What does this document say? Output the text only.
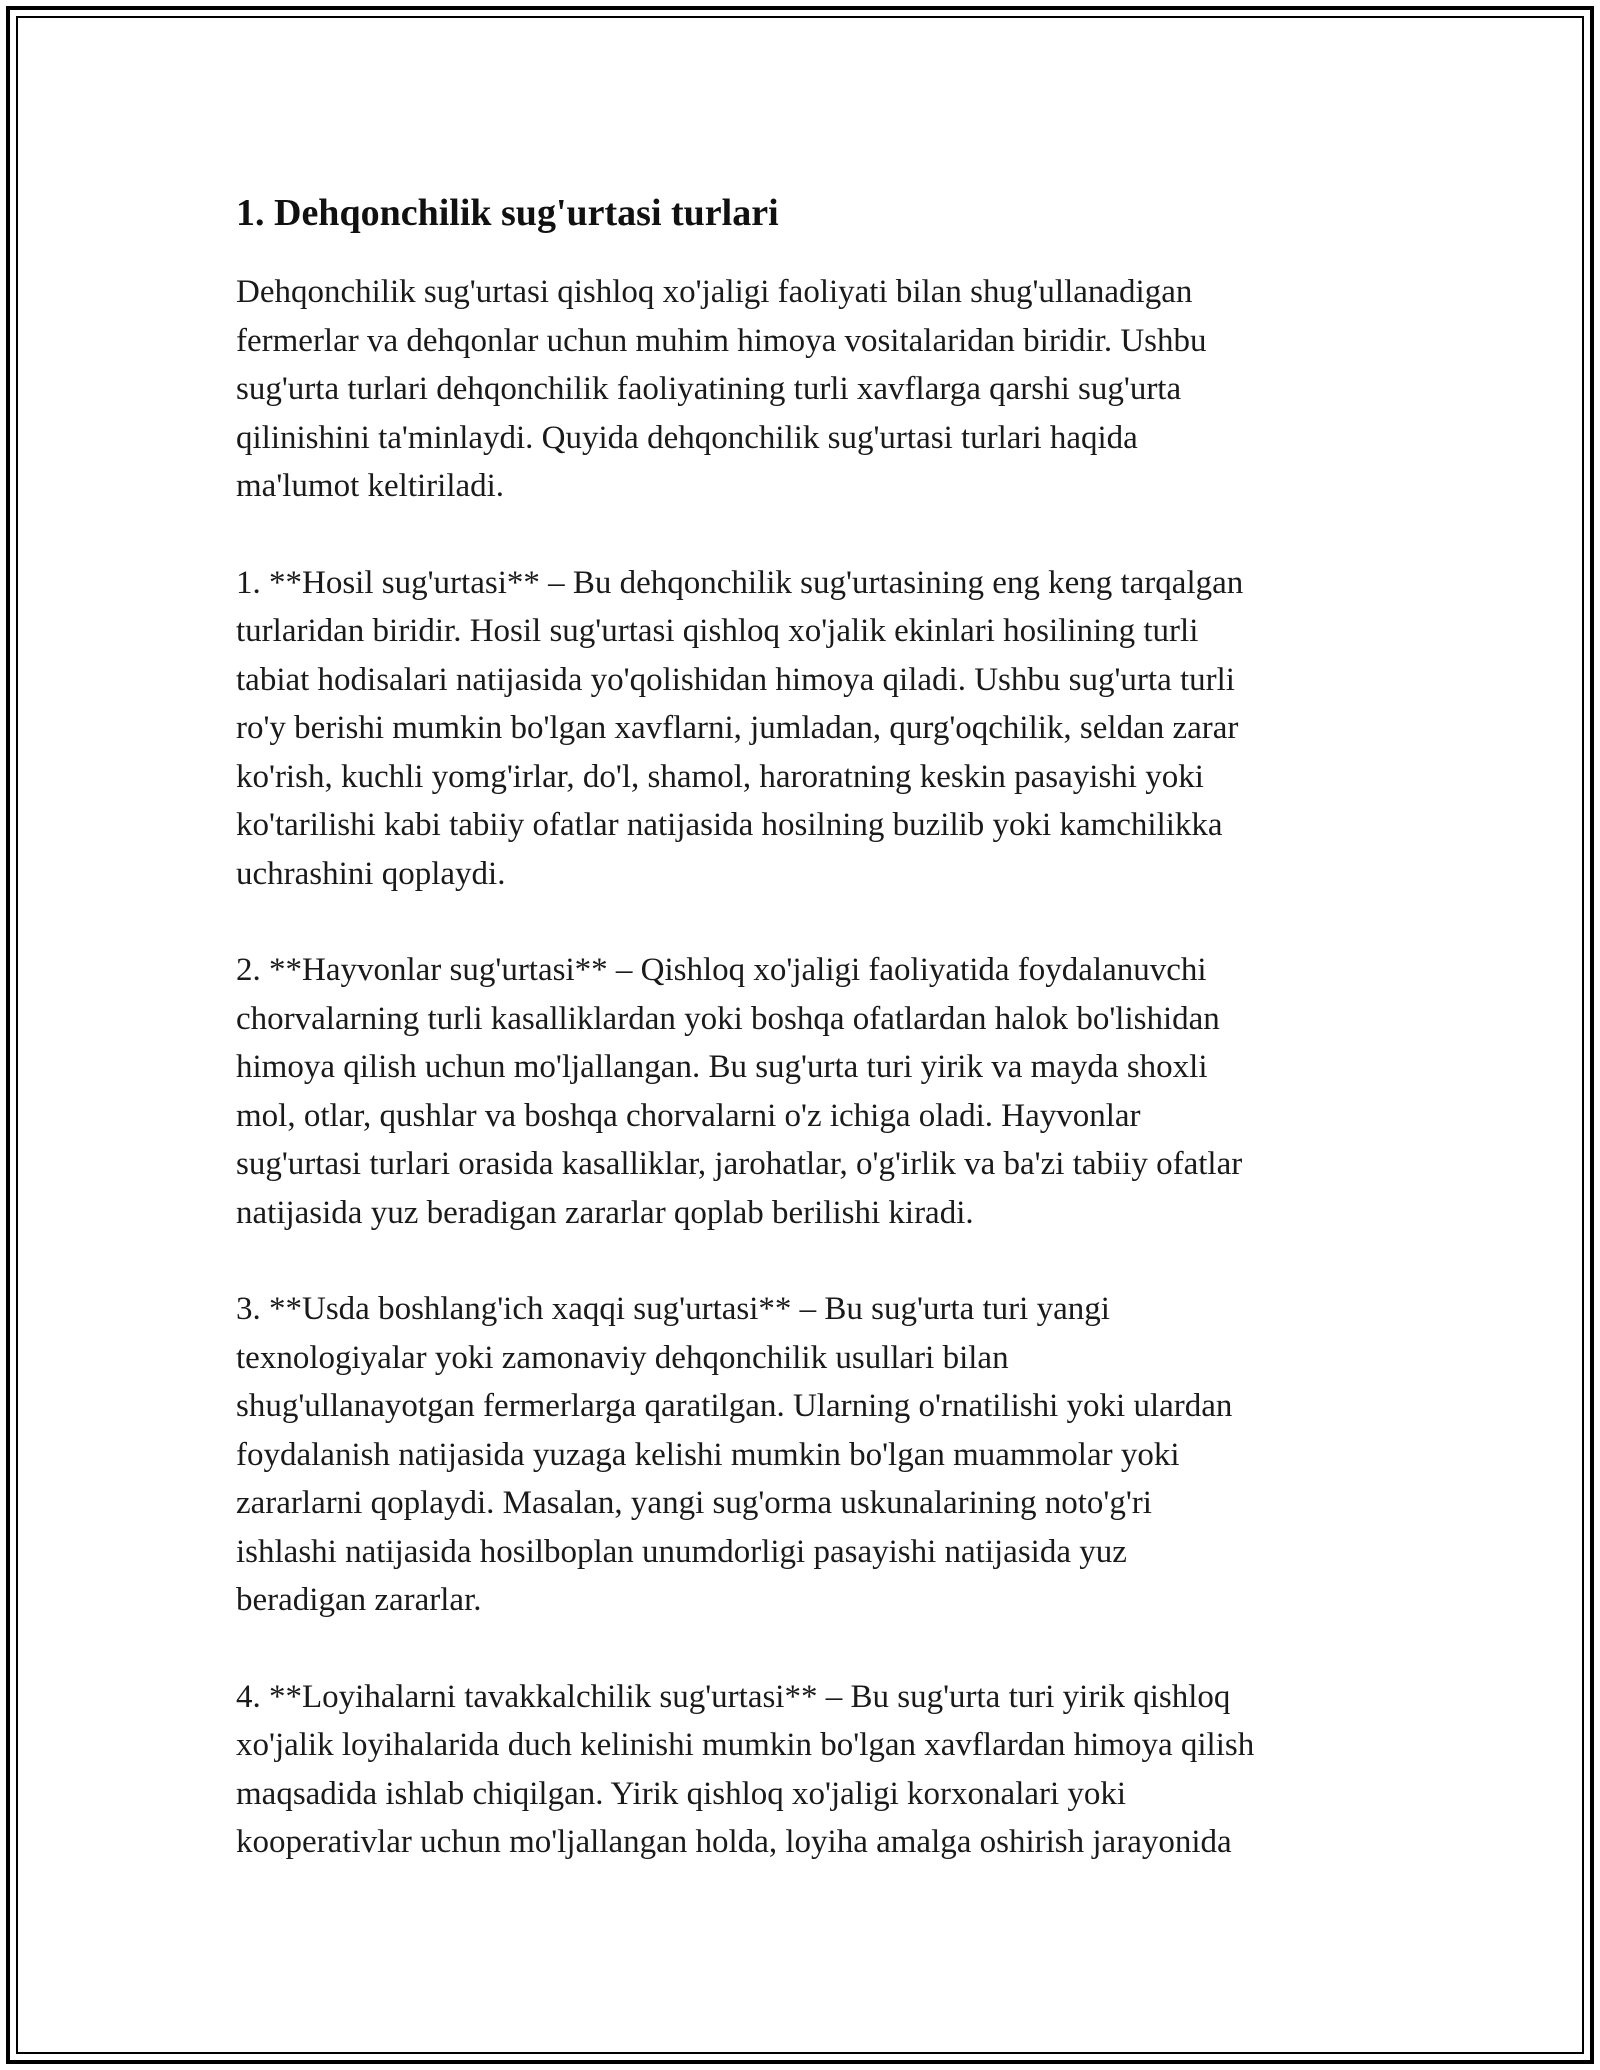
1. Dehqonchilik sug'urtasi turlari

Dehqonchilik sug'urtasi qishloq xo'jaligi faoliyati bilan shug'ullanadigan
fermerlar va dehqonlar uchun muhim himoya vositalaridan biridir. Ushbu
sug'urta turlari dehqonchilik faoliyatining turli xavflarga qarshi sug'urta
qilinishini ta'minlaydi. Quyida dehqonchilik sug'urtasi turlari haqida
ma'lumot keltiriladi.

1. **Hosil sug'urtasi** – Bu dehqonchilik sug'urtasining eng keng tarqalgan
turlaridan biridir. Hosil sug'urtasi qishloq xo'jalik ekinlari hosilining turli
tabiat hodisalari natijasida yo'qolishidan himoya qiladi. Ushbu sug'urta turli
ro'y berishi mumkin bo'lgan xavflarni, jumladan, qurg'oqchilik, seldan zarar
ko'rish, kuchli yomg'irlar, do'l, shamol, haroratning keskin pasayishi yoki
ko'tarilishi kabi tabiiy ofatlar natijasida hosilning buzilib yoki kamchilikka
uchrashini qoplaydi.

2. **Hayvonlar sug'urtasi** – Qishloq xo'jaligi faoliyatida foydalanuvchi
chorvalarning turli kasalliklardan yoki boshqa ofatlardan halok bo'lishidan
himoya qilish uchun mo'ljallangan. Bu sug'urta turi yirik va mayda shoxli
mol, otlar, qushlar va boshqa chorvalarni o'z ichiga oladi. Hayvonlar
sug'urtasi turlari orasida kasalliklar, jarohatlar, o'g'irlik va ba'zi tabiiy ofatlar
natijasida yuz beradigan zararlar qoplab berilishi kiradi.

3. **Usda boshlang'ich xaqqi sug'urtasi** – Bu sug'urta turi yangi
texnologiyalar yoki zamonaviy dehqonchilik usullari bilan
shug'ullanayotgan fermerlarga qaratilgan. Ularning o'rnatilishi yoki ulardan
foydalanish natijasida yuzaga kelishi mumkin bo'lgan muammolar yoki
zararlarni qoplaydi. Masalan, yangi sug'orma uskunalarining noto'g'ri
ishlashi natijasida hosilboplan unumdorligi pasayishi natijasida yuz
beradigan zararlar.

4. **Loyihalarni tavakkalchilik sug'urtasi** – Bu sug'urta turi yirik qishloq
xo'jalik loyihalarida duch kelinishi mumkin bo'lgan xavflardan himoya qilish
maqsadida ishlab chiqilgan. Yirik qishloq xo'jaligi korxonalari yoki
kooperativlar uchun mo'ljallangan holda, loyiha amalga oshirish jarayonida
